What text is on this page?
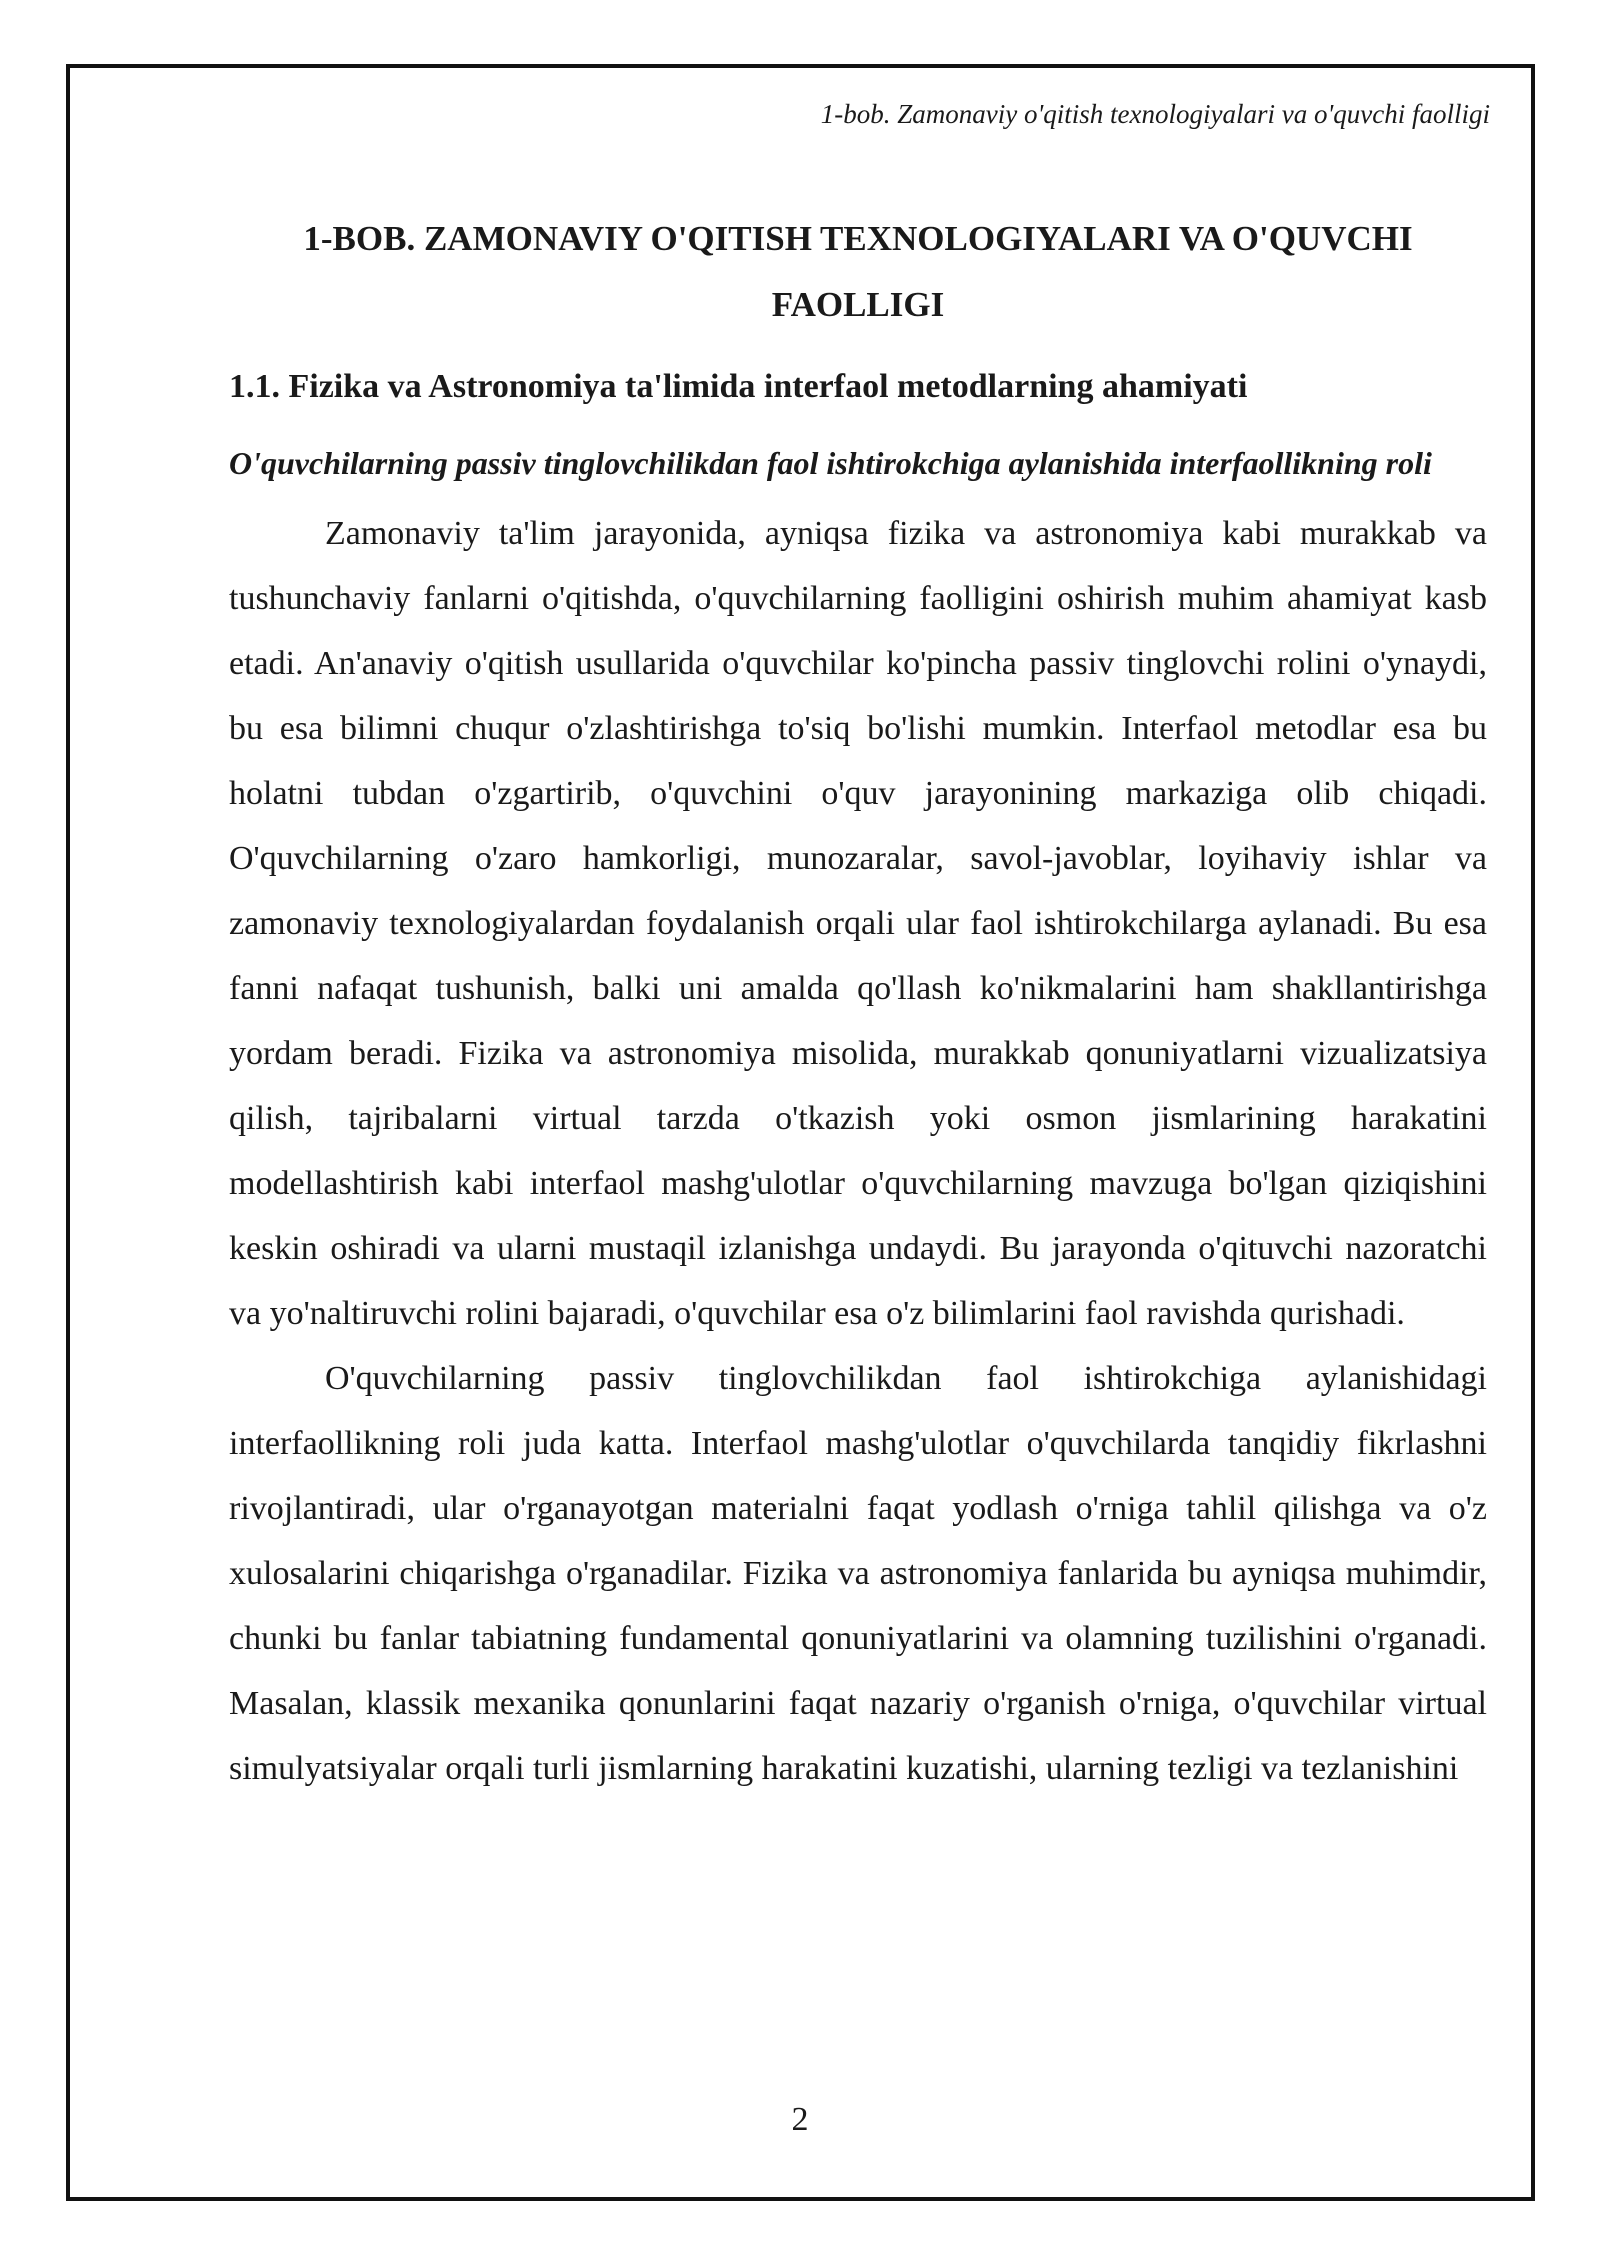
1-bob. Zamonaviy o'qitish texnologiyalari va o'quvchi faolligi
1-BOB. ZAMONAVIY O'QITISH TEXNOLOGIYALARI VA O'QUVCHI FAOLLIGI
1.1. Fizika va Astronomiya ta'limida interfaol metodlarning ahamiyati
O'quvchilarning passiv tinglovchilikdan faol ishtirokchiga aylanishida interfaollikning roli

Zamonaviy ta'lim jarayonida, ayniqsa fizika va astronomiya kabi murakkab va tushunchaviy fanlarni o'qitishda, o'quvchilarning faolligini oshirish muhim ahamiyat kasb etadi. An'anaviy o'qitish usullarida o'quvchilar ko'pincha passiv tinglovchi rolini o'ynaydi, bu esa bilimni chuqur o'zlashtirishga to'siq bo'lishi mumkin. Interfaol metodlar esa bu holatni tubdan o'zgartirib, o'quvchini o'quv jarayonining markaziga olib chiqadi. O'quvchilarning o'zaro hamkorligi, munozaralar, savol-javoblar, loyihaviy ishlar va zamonaviy texnologiyalardan foydalanish orqali ular faol ishtirokchilarga aylanadi. Bu esa fanni nafaqat tushunish, balki uni amalda qo'llash ko'nikmalarini ham shakllantirishga yordam beradi. Fizika va astronomiya misolida, murakkab qonuniyatlarni vizualizatsiya qilish, tajribalarni virtual tarzda o'tkazish yoki osmon jismlarining harakatini modellashtirish kabi interfaol mashg'ulotlar o'quvchilarning mavzuga bo'lgan qiziqishini keskin oshiradi va ularni mustaqil izlanishga undaydi. Bu jarayonda o'qituvchi nazoratchi va yo'naltiruvchi rolini bajaradi, o'quvchilar esa o'z bilimlarini faol ravishda qurishadi.

O'quvchilarning passiv tinglovchilikdan faol ishtirokchiga aylanishidagi interfaollikning roli juda katta. Interfaol mashg'ulotlar o'quvchilarda tanqidiy fikrlashni rivojlantiradi, ular o'rganayotgan materialni faqat yodlash o'rniga tahlil qilishga va o'z xulosalarini chiqarishga o'rganadilar. Fizika va astronomiya fanlarida bu ayniqsa muhimdir, chunki bu fanlar tabiatning fundamental qonuniyatlarini va olamning tuzilishini o'rganadi. Masalan, klassik mexanika qonunlarini faqat nazariy o'rganish o'rniga, o'quvchilar virtual simulyatsiyalar orqali turli jismlarning harakatini kuzatishi, ularning tezligi va tezlanishini

2
